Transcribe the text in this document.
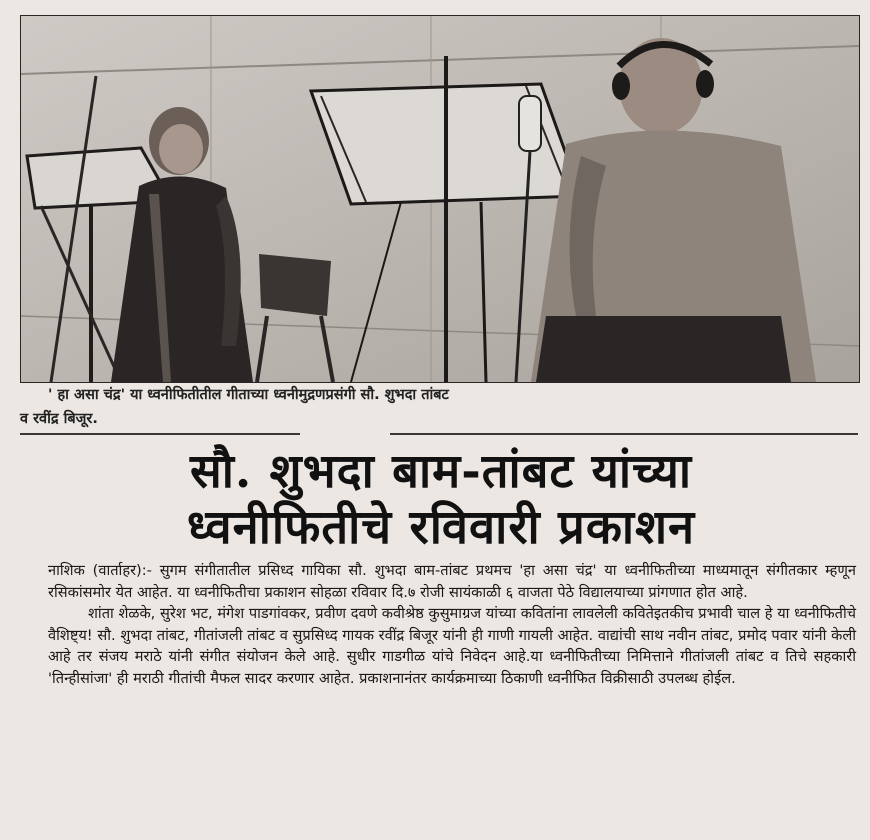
' हा असा चंद्र' या ध्वनीफितीतील गीताच्या ध्वनीमुद्रणप्रसंगी सौ. शुभदा तांबट
व रवींद्र बिजूर.
सौ. शुभदा बाम-तांबट यांच्या
ध्वनीफितीचे रविवारी प्रकाशन

नाशिक (वार्ताहर):- सुगम संगीतातील प्रसिध्द गायिका सौ. शुभदा बाम-तांबट प्रथमच 'हा असा चंद्र' या ध्वनीफितीच्या माध्यमातून संगीतकार म्हणून रसिकांसमोर येत आहेत. या ध्वनीफितीचा प्रकाशन सोहळा रविवार दि.७ रोजी सायंकाळी ६ वाजता पेठे विद्यालयाच्या प्रांगणात होत आहे.

शांता शेळके, सुरेश भट, मंगेश पाडगांवकर, प्रवीण दवणे कवीश्रेष्ठ कुसुमाग्रज यांच्या कवितांना लावलेली कवितेइतकीच प्रभावी चाल हे या ध्वनीफितीचे वैशिष्ट्य! सौ. शुभदा तांबट, गीतांजली तांबट व सुप्रसिध्द गायक रवींद्र बिजूर यांनी ही गाणी गायली आहेत. वाद्यांची साथ नवीन तांबट, प्रमोद पवार यांनी केली आहे तर संजय मराठे यांनी संगीत संयोजन केले आहे. सुधीर गाडगीळ यांचे निवेदन आहे.या ध्वनीफितीच्या निमित्ताने गीतांजली तांबट व तिचे सहकारी 'तिन्हीसांजा' ही मराठी गीतांची मैफल सादर करणार आहेत. प्रकाशनानंतर कार्यक्रमाच्या ठिकाणी ध्वनीफित विक्रीसाठी उपलब्ध होईल.
